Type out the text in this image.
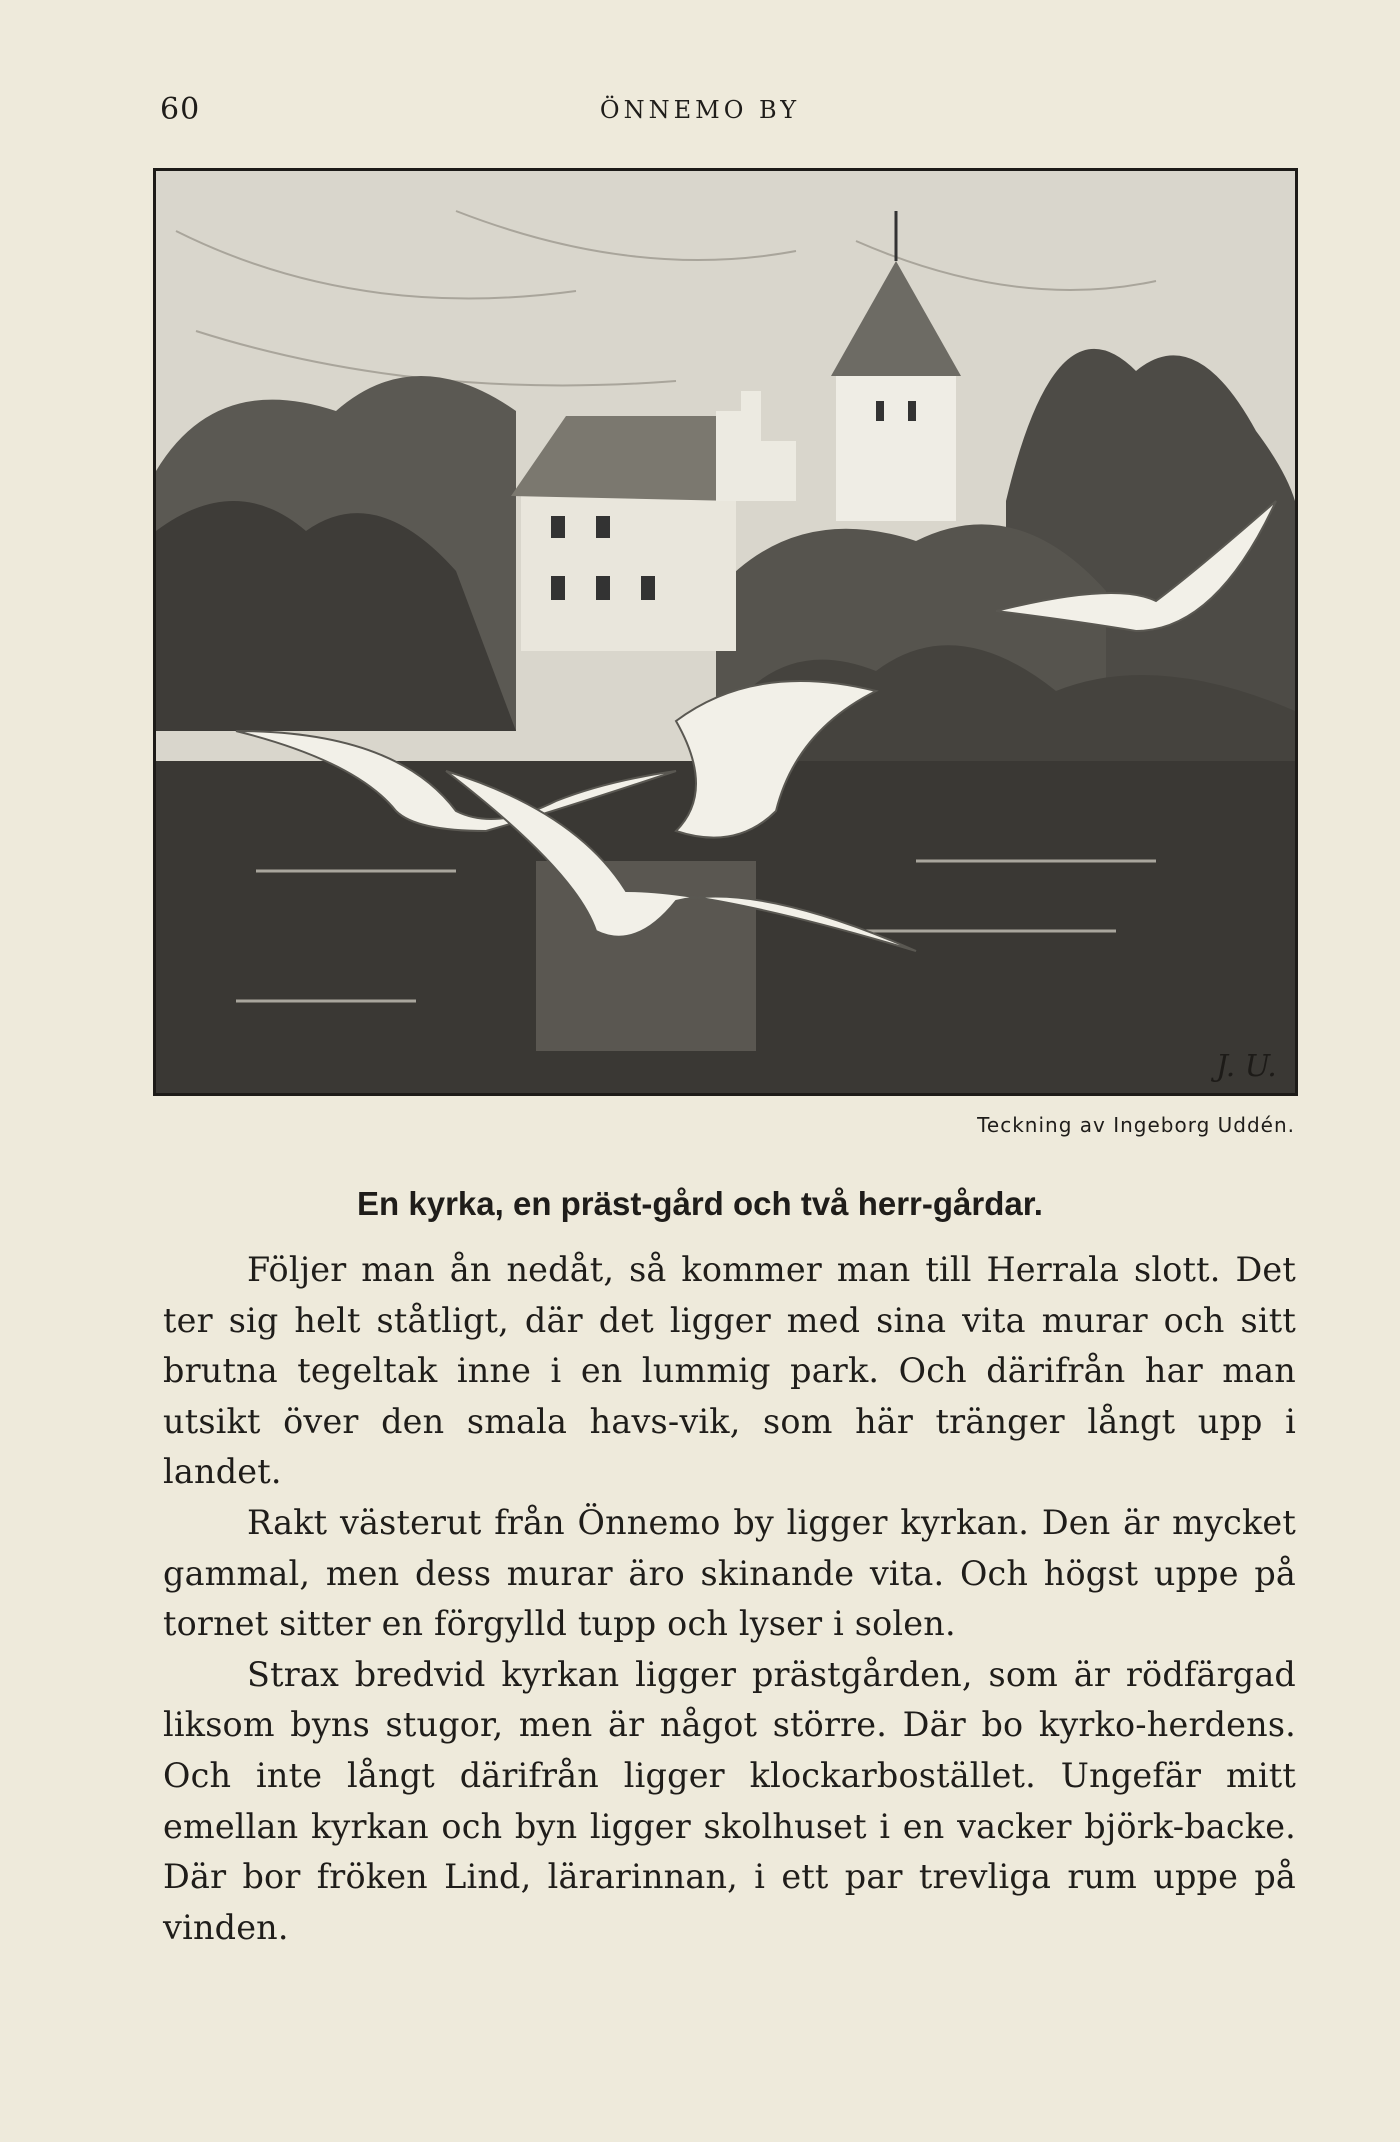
60	ÖNNEMO BY
J. U.
Teckning av Ingeborg Uddén.
En kyrka, en präst-gård och två herr-gårdar.

Följer man ån nedåt, så kommer man till Herrala slott. Det ter sig helt ståtligt, där det ligger med sina vita murar och sitt brutna tegeltak inne i en lummig park. Och därifrån har man utsikt över den smala havs-vik, som här tränger långt upp i landet.

Rakt västerut från Önnemo by ligger kyrkan. Den är mycket gammal, men dess murar äro skinande vita. Och högst uppe på tornet sitter en förgylld tupp och lyser i solen.

Strax bredvid kyrkan ligger prästgården, som är rödfärgad liksom byns stugor, men är något större. Där bo kyrko-herdens. Och inte långt därifrån ligger klockarbostället. Ungefär mitt emellan kyrkan och byn ligger skolhuset i en vacker björk-backe. Där bor fröken Lind, lärarinnan, i ett par trevliga rum uppe på vinden.
